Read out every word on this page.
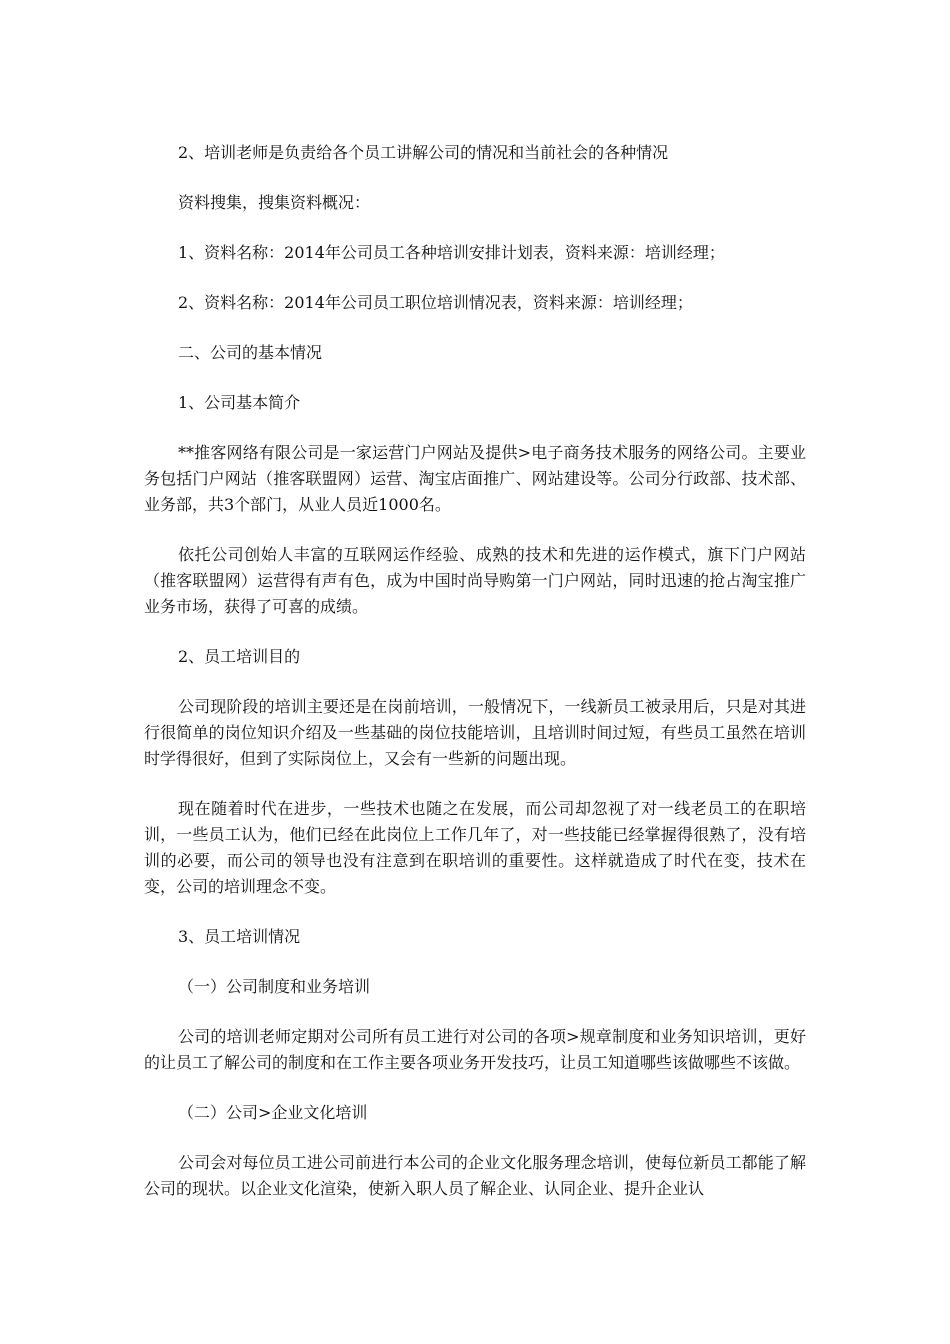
2、培训老师是负责给各个员工讲解公司的情况和当前社会的各种情况

资料搜集，搜集资料概况：

1、资料名称：2014年公司员工各种培训安排计划表，资料来源：培训经理；

2、资料名称：2014年公司员工职位培训情况表，资料来源：培训经理；

二、公司的基本情况

1、公司基本简介

**推客网络有限公司是一家运营门户网站及提供>电子商务技术服务的网络公司。主要业务包括门户网站（推客联盟网）运营、淘宝店面推广、网站建设等。公司分行政部、技术部、业务部，共3个部门，从业人员近1000名。

依托公司创始人丰富的互联网运作经验、成熟的技术和先进的运作模式，旗下门户网站（推客联盟网）运营得有声有色，成为中国时尚导购第一门户网站，同时迅速的抢占淘宝推广业务市场，获得了可喜的成绩。

2、员工培训目的

公司现阶段的培训主要还是在岗前培训，一般情况下，一线新员工被录用后，只是对其进行很简单的岗位知识介绍及一些基础的岗位技能培训，且培训时间过短，有些员工虽然在培训时学得很好，但到了实际岗位上，又会有一些新的问题出现。

现在随着时代在进步，一些技术也随之在发展，而公司却忽视了对一线老员工的在职培训，一些员工认为，他们已经在此岗位上工作几年了，对一些技能已经掌握得很熟了，没有培训的必要，而公司的领导也没有注意到在职培训的重要性。这样就造成了时代在变，技术在变，公司的培训理念不变。

3、员工培训情况

（一）公司制度和业务培训

公司的培训老师定期对公司所有员工进行对公司的各项>规章制度和业务知识培训，更好的让员工了解公司的制度和在工作主要各项业务开发技巧，让员工知道哪些该做哪些不该做。

（二）公司>企业文化培训

公司会对每位员工进公司前进行本公司的企业文化服务理念培训，使每位新员工都能了解公司的现状。以企业文化渲染，使新入职人员了解企业、认同企业、提升企业认
